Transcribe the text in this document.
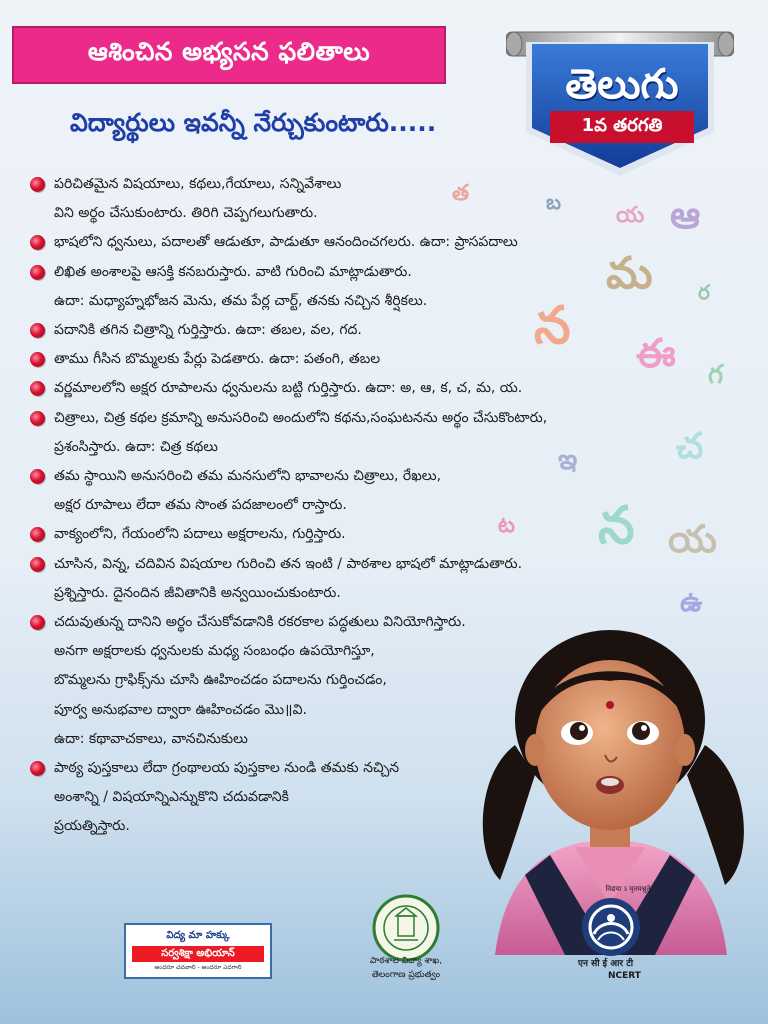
ఆశించిన అభ్యసన ఫలితాలు
విద్యార్థులు ఇవన్నీ నేర్చుకుంటారు.....
తెలుగు
1వ తరగతి
త	బ	య ఆ
మ ర
న ఈ గ
చ
ఇ
ట న య
ఉ

పరిచితమైన విషయాలు, కథలు,గేయాలు, సన్నివేశాలు

విని అర్థం చేసుకుంటారు. తిరిగి చెప్పగలుగుతారు.

భాషలోని ధ్వనులు, పదాలతో ఆడుతూ, పాడుతూ ఆనందించగలరు. ఉదా: ప్రాసపదాలు

లిఖిత అంశాలపై ఆసక్తి కనబరుస్తారు. వాటి గురించి మాట్లాడుతారు.

ఉదా: మధ్యాహ్నభోజన మెను, తమ పేర్ల చార్ట్, తనకు నచ్చిన శీర్షికలు.

పదానికి తగిన చిత్రాన్ని గుర్తిస్తారు. ఉదా: తబల, వల, గద.

తాము గీసిన బొమ్మలకు పేర్లు పెడతారు. ఉదా: పతంగి, తబల

వర్ణమాలలోని అక్షర రూపాలను ధ్వనులను బట్టి గుర్తిస్తారు. ఉదా: అ, ఆ, క, చ, మ, య.

చిత్రాలు, చిత్ర కథల క్రమాన్ని అనుసరించి అందులోని కథను,సంఘటనను అర్థం చేసుకొంటారు,

ప్రశంసిస్తారు. ఉదా: చిత్ర కథలు

తమ స్థాయిని అనుసరించి తమ మనసులోని భావాలను చిత్రాలు, రేఖలు,

అక్షర రూపాలు లేదా తమ సొంత పదజాలంలో రాస్తారు.

వాక్యంలోని, గేయంలోని పదాలు అక్షరాలను, గుర్తిస్తారు.

చూసిన, విన్న, చదివిన విషయాల గురించి తన ఇంటి / పాఠశాల భాషలో మాట్లాడుతారు.

ప్రశ్నిస్తారు. దైనందిన జీవితానికి అన్వయించుకుంటారు.

చదువుతున్న దానిని అర్థం చేసుకోవడానికి రకరకాల పద్ధతులు వినియోగిస్తారు.

అనగా అక్షరాలకు ధ్వనులకు మధ్య సంబంధం ఉపయోగిస్తూ,

బొమ్మలను గ్రాఫిక్స్‌ను చూసి ఊహించడం పదాలను గుర్తించడం,

పూర్వ అనుభవాల ద్వారా ఊహించడం మొ॥వి.

ఉదా: కథావాచకాలు, వానచినుకులు

పాఠ్య పుస్తకాలు లేదా గ్రంథాలయ పుస్తకాల నుండి తమకు నచ్చిన

అంశాన్ని / విషయాన్నిఎన్నుకొని చదువడానికి

ప్రయత్నిస్తారు.

విద్య మా హక్కు
సర్వశిక్షా అభియాన్
అందరూ చదవాలి - అందరూ ఎదగాలి
పాఠశాల విద్యా శాఖ,
తెలంగాణ ప్రభుత్వం
विद्यया ऽ मृतमश्नुते
एन सी ई आर टी
NCERT
